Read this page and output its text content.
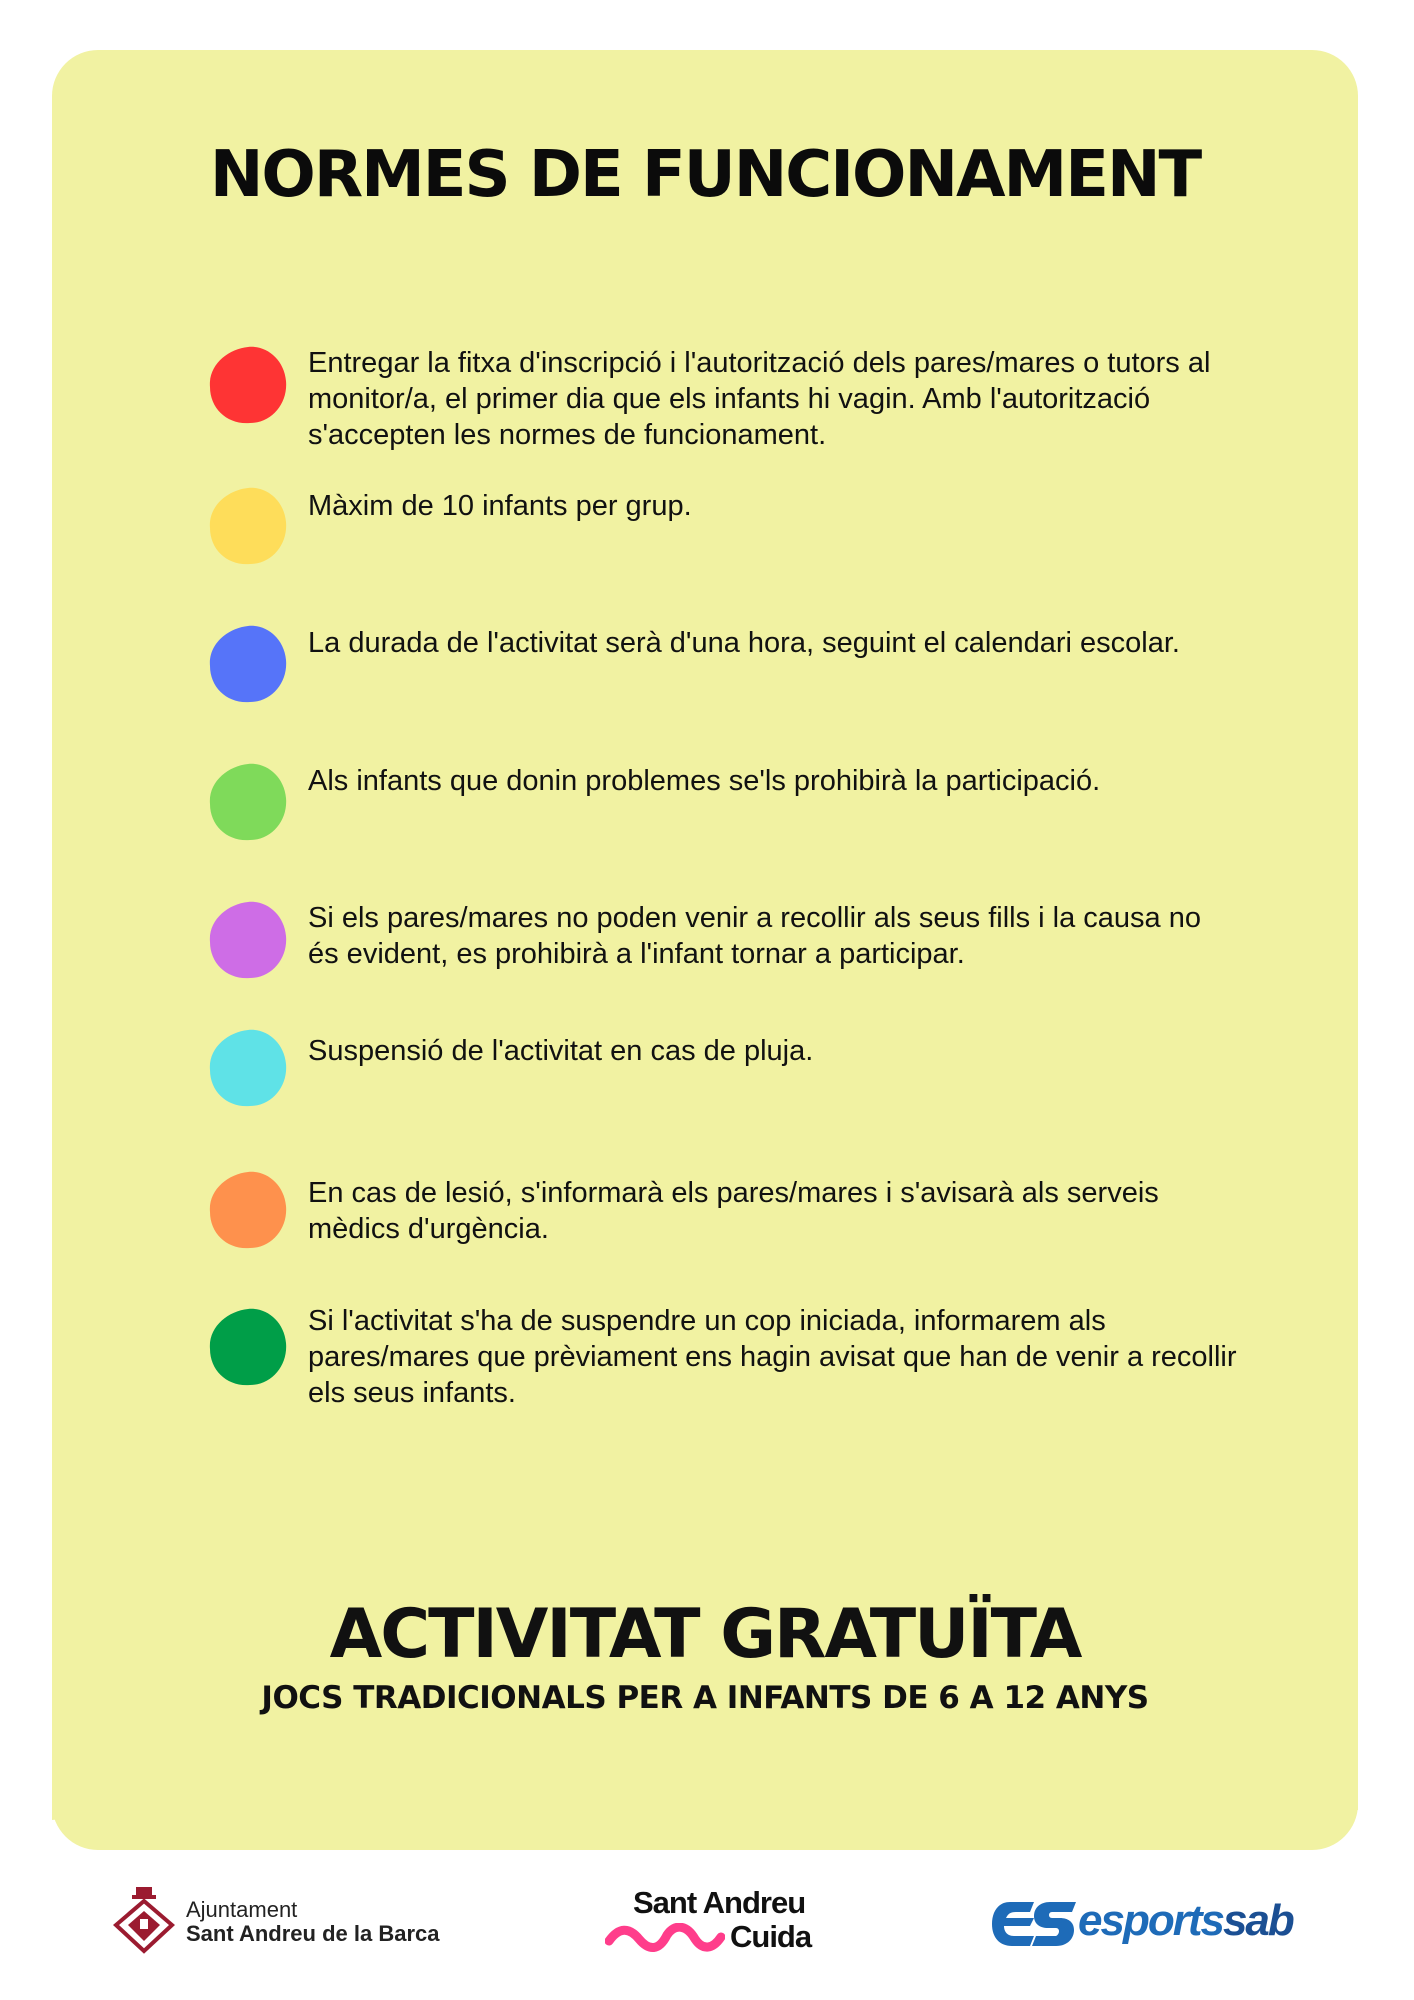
NORMES DE FUNCIONAMENT
Entregar la fitxa d'inscripció i l'autorització dels pares/mares o tutors al monitor/a, el primer dia que els infants hi vagin. Amb l'autorització s'accepten les normes de funcionament.
Màxim de 10 infants per grup.
La durada de l'activitat serà d'una hora, seguint el calendari escolar.
Als infants que donin problemes se'ls prohibirà la participació.
Si els pares/mares no poden venir a recollir als seus fills i la causa no és evident, es prohibirà a l'infant tornar a participar.
Suspensió de l'activitat en cas de pluja.
En cas de lesió, s'informarà els pares/mares i s'avisarà als serveis mèdics d'urgència.
Si l'activitat s'ha de suspendre un cop iniciada, informarem als pares/mares que prèviament ens hagin avisat que han de venir a recollir els seus infants.
ACTIVITAT GRATUÏTA
JOCS TRADICIONALS PER A INFANTS DE 6 A 12 ANYS
Ajuntament
Sant Andreu de la Barca
Sant Andreu
Cuida	esportssab
